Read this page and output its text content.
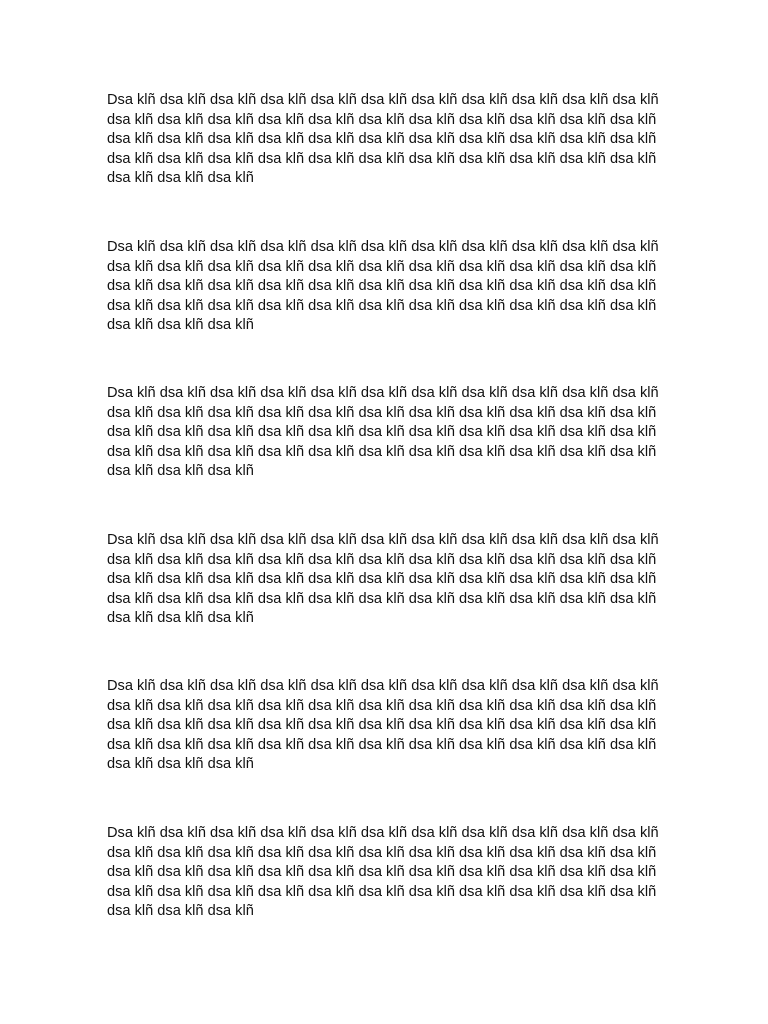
Dsa klñ dsa klñ dsa klñ dsa klñ dsa klñ dsa klñ dsa klñ dsa klñ dsa klñ dsa klñ dsa klñ dsa klñ dsa klñ dsa klñ dsa klñ dsa klñ dsa klñ dsa klñ dsa klñ dsa klñ dsa klñ dsa klñ dsa klñ dsa klñ dsa klñ dsa klñ dsa klñ dsa klñ dsa klñ dsa klñ dsa klñ dsa klñ dsa klñ dsa klñ dsa klñ dsa klñ dsa klñ dsa klñ dsa klñ dsa klñ dsa klñ dsa klñ dsa klñ dsa klñ dsa klñ dsa klñ dsa klñ

Dsa klñ dsa klñ dsa klñ dsa klñ dsa klñ dsa klñ dsa klñ dsa klñ dsa klñ dsa klñ dsa klñ dsa klñ dsa klñ dsa klñ dsa klñ dsa klñ dsa klñ dsa klñ dsa klñ dsa klñ dsa klñ dsa klñ dsa klñ dsa klñ dsa klñ dsa klñ dsa klñ dsa klñ dsa klñ dsa klñ dsa klñ dsa klñ dsa klñ dsa klñ dsa klñ dsa klñ dsa klñ dsa klñ dsa klñ dsa klñ dsa klñ dsa klñ dsa klñ dsa klñ dsa klñ dsa klñ dsa klñ

Dsa klñ dsa klñ dsa klñ dsa klñ dsa klñ dsa klñ dsa klñ dsa klñ dsa klñ dsa klñ dsa klñ dsa klñ dsa klñ dsa klñ dsa klñ dsa klñ dsa klñ dsa klñ dsa klñ dsa klñ dsa klñ dsa klñ dsa klñ dsa klñ dsa klñ dsa klñ dsa klñ dsa klñ dsa klñ dsa klñ dsa klñ dsa klñ dsa klñ dsa klñ dsa klñ dsa klñ dsa klñ dsa klñ dsa klñ dsa klñ dsa klñ dsa klñ dsa klñ dsa klñ dsa klñ dsa klñ dsa klñ

Dsa klñ dsa klñ dsa klñ dsa klñ dsa klñ dsa klñ dsa klñ dsa klñ dsa klñ dsa klñ dsa klñ dsa klñ dsa klñ dsa klñ dsa klñ dsa klñ dsa klñ dsa klñ dsa klñ dsa klñ dsa klñ dsa klñ dsa klñ dsa klñ dsa klñ dsa klñ dsa klñ dsa klñ dsa klñ dsa klñ dsa klñ dsa klñ dsa klñ dsa klñ dsa klñ dsa klñ dsa klñ dsa klñ dsa klñ dsa klñ dsa klñ dsa klñ dsa klñ dsa klñ dsa klñ dsa klñ dsa klñ

Dsa klñ dsa klñ dsa klñ dsa klñ dsa klñ dsa klñ dsa klñ dsa klñ dsa klñ dsa klñ dsa klñ dsa klñ dsa klñ dsa klñ dsa klñ dsa klñ dsa klñ dsa klñ dsa klñ dsa klñ dsa klñ dsa klñ dsa klñ dsa klñ dsa klñ dsa klñ dsa klñ dsa klñ dsa klñ dsa klñ dsa klñ dsa klñ dsa klñ dsa klñ dsa klñ dsa klñ dsa klñ dsa klñ dsa klñ dsa klñ dsa klñ dsa klñ dsa klñ dsa klñ dsa klñ dsa klñ dsa klñ

Dsa klñ dsa klñ dsa klñ dsa klñ dsa klñ dsa klñ dsa klñ dsa klñ dsa klñ dsa klñ dsa klñ dsa klñ dsa klñ dsa klñ dsa klñ dsa klñ dsa klñ dsa klñ dsa klñ dsa klñ dsa klñ dsa klñ dsa klñ dsa klñ dsa klñ dsa klñ dsa klñ dsa klñ dsa klñ dsa klñ dsa klñ dsa klñ dsa klñ dsa klñ dsa klñ dsa klñ dsa klñ dsa klñ dsa klñ dsa klñ dsa klñ dsa klñ dsa klñ dsa klñ dsa klñ dsa klñ dsa klñ
